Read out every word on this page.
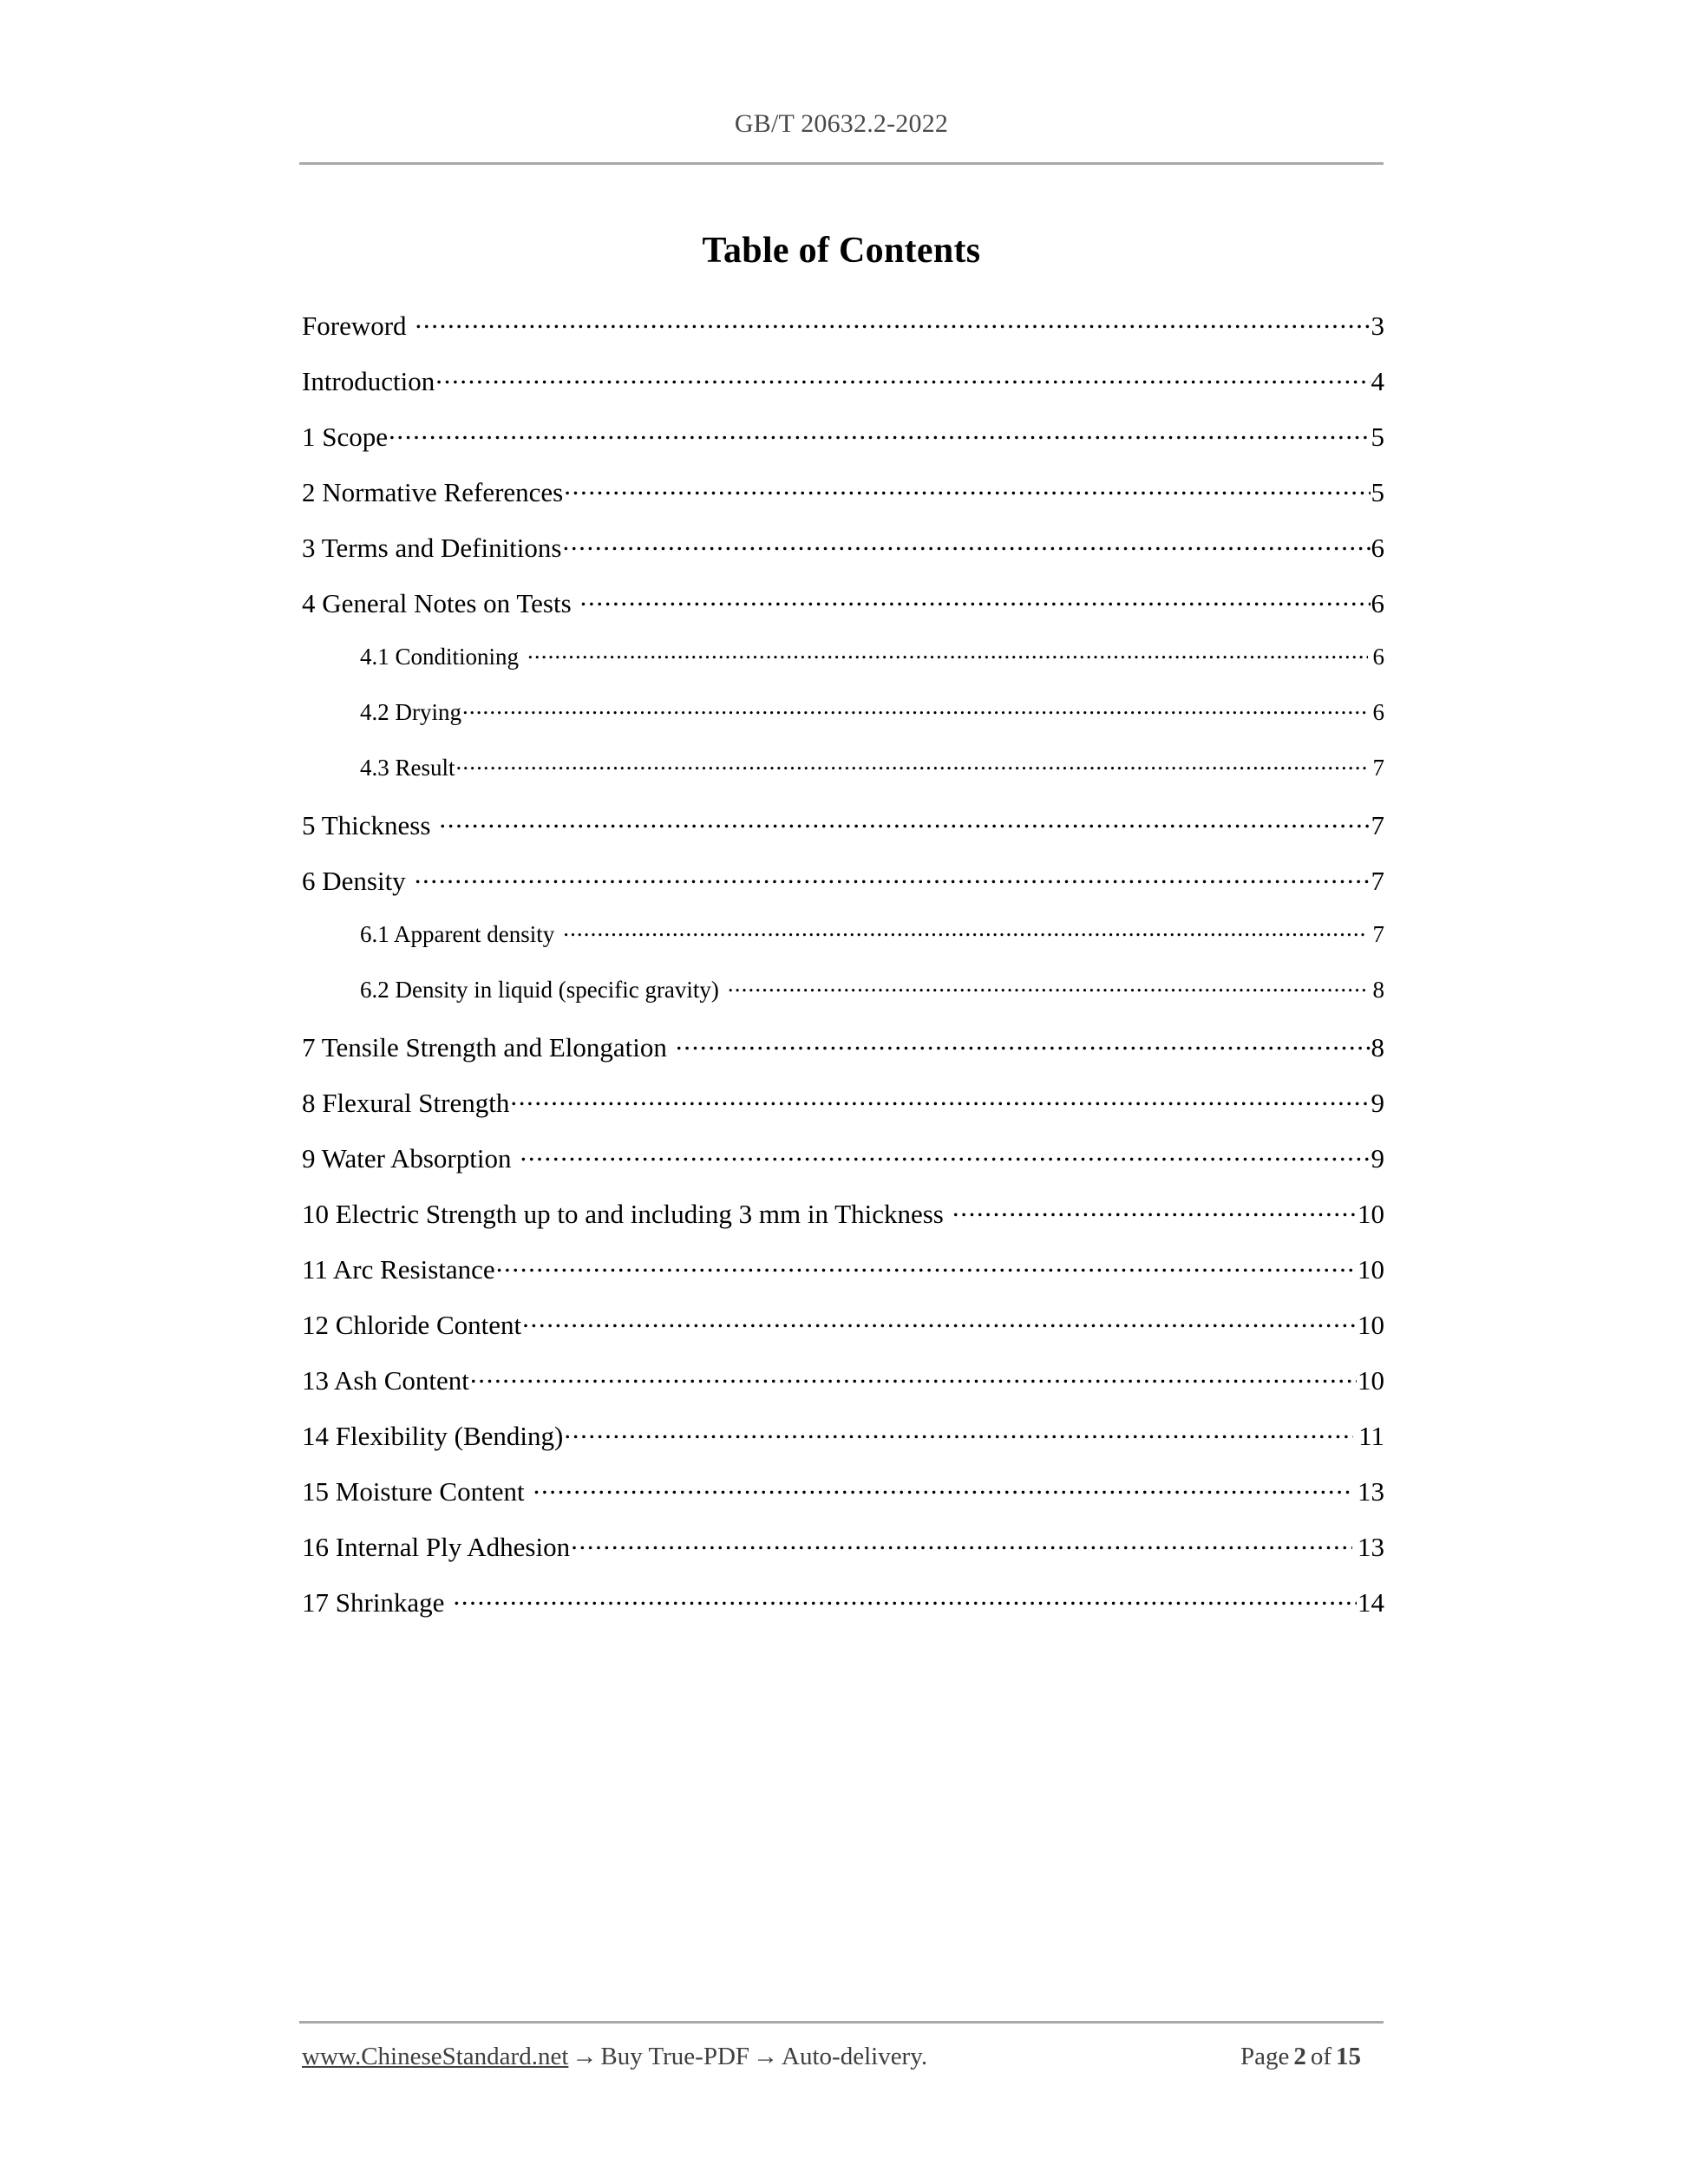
GB/T 20632.2-2022
Table of Contents
Foreword .....	3
Introduction .....	4
1 Scope .....	5
2 Normative References .....	5
3 Terms and Definitions .....	6
4 General Notes on Tests .....	6
4.1 Conditioning .....	6
4.2 Drying .....	6
4.3 Result .....	7
5 Thickness .....	7
6 Density .....	7
6.1 Apparent density .....	7
6.2 Density in liquid (specific gravity) .....	8
7 Tensile Strength and Elongation .....	8
8 Flexural Strength .....	9
9 Water Absorption .....	9
10 Electric Strength up to and including 3 mm in Thickness .....	10
11 Arc Resistance .....	10
12 Chloride Content .....	10
13 Ash Content .....	10
14 Flexibility (Bending) .....	11
15 Moisture Content .....	13
16 Internal Ply Adhesion .....	13
17 Shrinkage .....	14
www.ChineseStandard.net → Buy True-PDF → Auto-delivery.	Page 2 of 15
